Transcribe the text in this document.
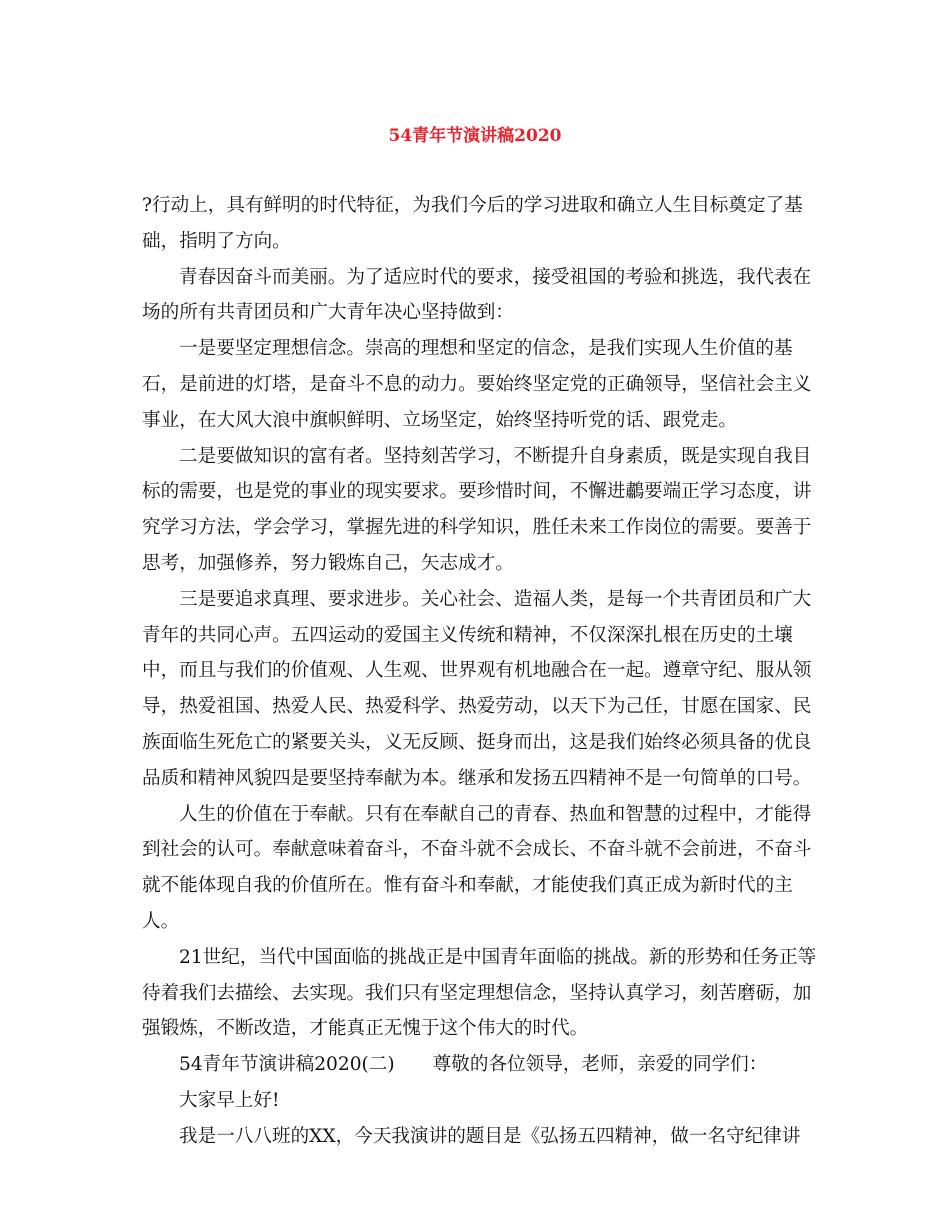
54青年节演讲稿2020

?行动上，具有鲜明的时代特征，为我们今后的学习进取和确立人生目标奠定了基础，指明了方向。

青春因奋斗而美丽。为了适应时代的要求，接受祖国的考验和挑选，我代表在场的所有共青团员和广大青年决心坚持做到：

一是要坚定理想信念。崇高的理想和坚定的信念，是我们实现人生价值的基石，是前进的灯塔，是奋斗不息的动力。要始终坚定党的正确领导，坚信社会主义事业，在大风大浪中旗帜鲜明、立场坚定，始终坚持听党的话、跟党走。

二是要做知识的富有者。坚持刻苦学习，不断提升自身素质，既是实现自我目标的需要，也是党的事业的现实要求。要珍惜时间，不懈进鷫要端正学习态度，讲究学习方法，学会学习，掌握先进的科学知识，胜任未来工作岗位的需要。要善于思考，加强修养，努力锻炼自己，矢志成才。

三是要追求真理、要求进步。关心社会、造福人类，是每一个共青团员和广大青年的共同心声。五四运动的爱国主义传统和精神，不仅深深扎根在历史的土壤中，而且与我们的价值观、人生观、世界观有机地融合在一起。遵章守纪、服从领导，热爱祖国、热爱人民、热爱科学、热爱劳动，以天下为己任，甘愿在国家、民族面临生死危亡的紧要关头，义无反顾、挺身而出，这是我们始终必须具备的优良品质和精神风貌四是要坚持奉献为本。继承和发扬五四精神不是一句简单的口号。

人生的价值在于奉献。只有在奉献自己的青春、热血和智慧的过程中，才能得到社会的认可。奉献意味着奋斗，不奋斗就不会成长、不奋斗就不会前进，不奋斗就不能体现自我的价值所在。惟有奋斗和奉献，才能使我们真正成为新时代的主人。

21世纪，当代中国面临的挑战正是中国青年面临的挑战。新的形势和任务正等待着我们去描绘、去实现。我们只有坚定理想信念，坚持认真学习，刻苦磨砺，加强锻炼，不断改造，才能真正无愧于这个伟大的时代。

54青年节演讲稿2020(二) 尊敬的各位领导，老师，亲爱的同学们：

大家早上好!

我是一八八班的XX，今天我演讲的题目是《弘扬五四精神，做一名守纪律讲
